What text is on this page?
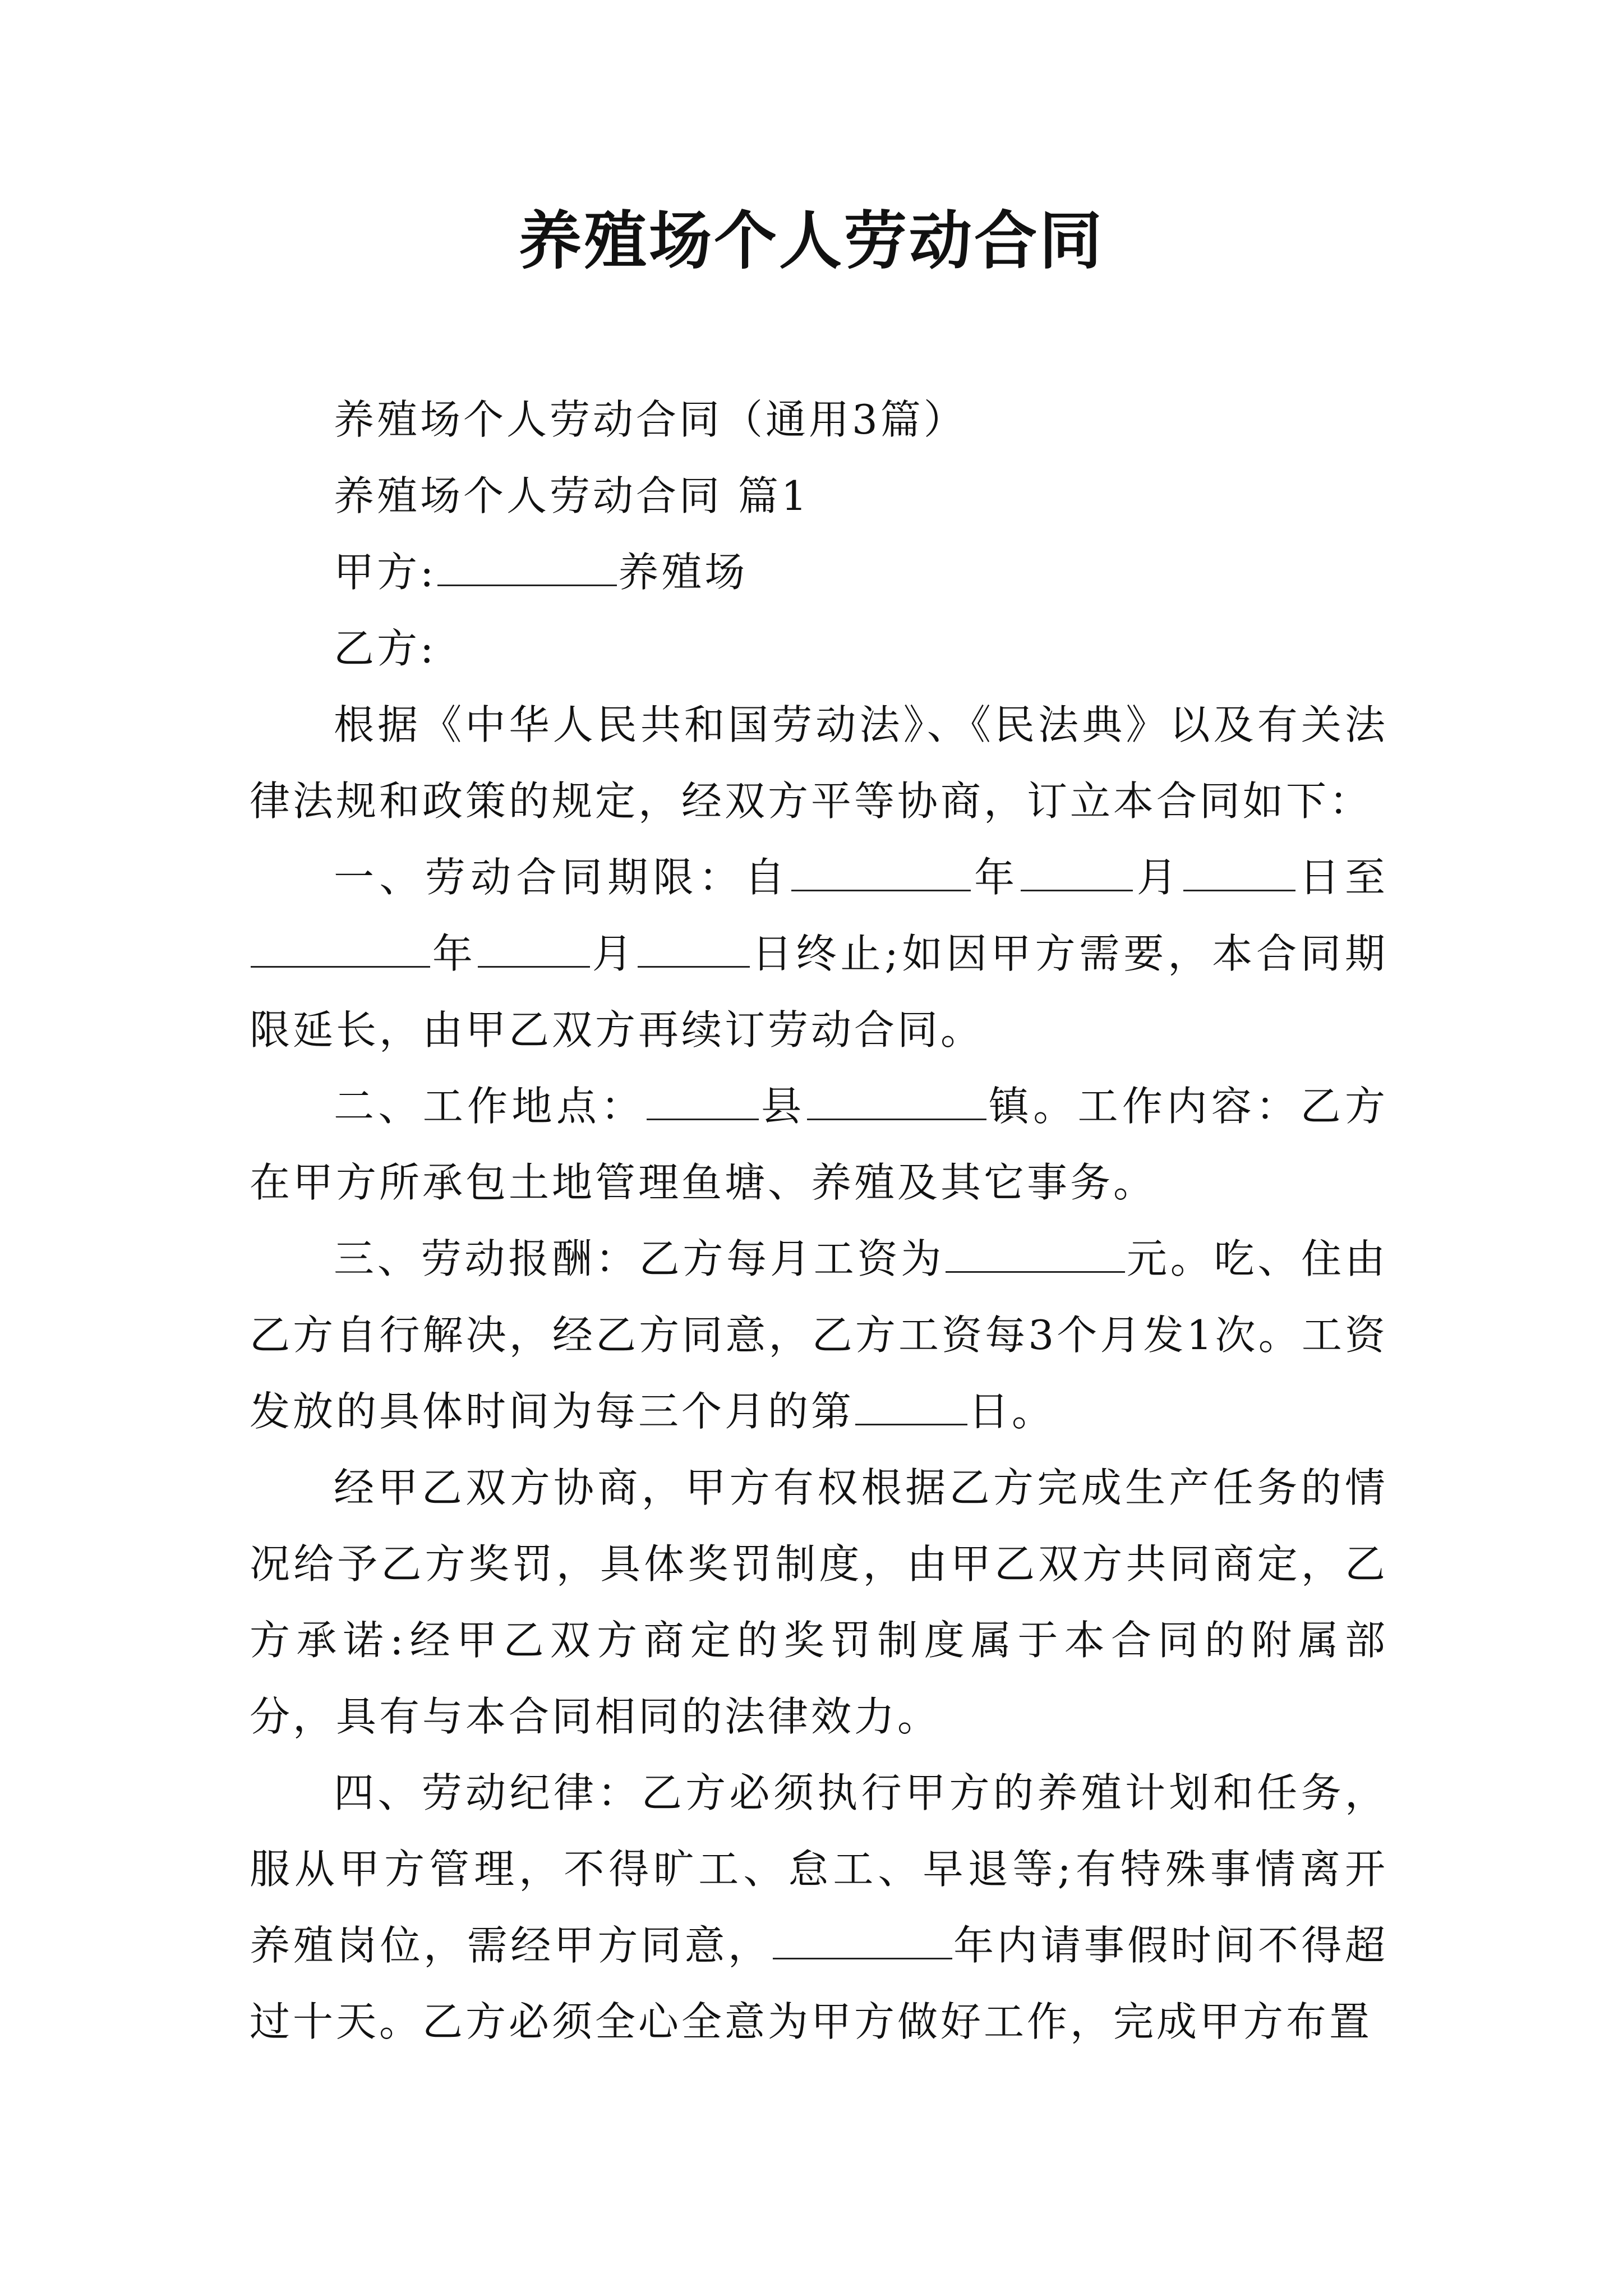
养殖场个人劳动合同

养殖场个人劳动合同（通用3篇）

养殖场个人劳动合同 篇1

甲方:	养殖场

乙方:

根据《中华人民共和国劳动法》、《民法典》以及有关法律法规和政策的规定，经双方平等协商，订立本合同如下：

一、劳动合同期限：自	年	月	日至年	月	日终止;如因甲方需要，本合同期限延长，由甲乙双方再续订劳动合同。

二、工作地点：	县	镇。工作内容：乙方在甲方所承包土地管理鱼塘、养殖及其它事务。

三、劳动报酬：乙方每月工资为	元。吃、住由乙方自行解决，经乙方同意，乙方工资每3个月发1次。工资发放的具体时间为每三个月的第	日。

经甲乙双方协商，甲方有权根据乙方完成生产任务的情况给予乙方奖罚，具体奖罚制度，由甲乙双方共同商定，乙方承诺:经甲乙双方商定的奖罚制度属于本合同的附属部分，具有与本合同相同的法律效力。

四、劳动纪律：乙方必须执行甲方的养殖计划和任务，服从甲方管理，不得旷工、怠工、早退等;有特殊事情离开养殖岗位，需经甲方同意，	年内请事假时间不得超过十天。乙方必须全心全意为甲方做好工作，完成甲方布置
